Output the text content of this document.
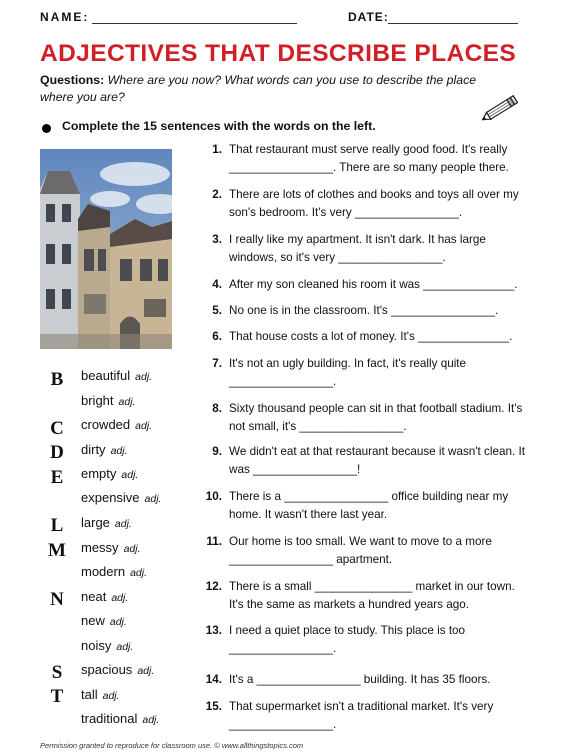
NAME:	DATE:
ADJECTIVES THAT DESCRIBE PLACES
Questions: Where are you now? What words can you use to describe the place where you are?
Complete the 15 sentences with the words on the left.
B
C
D
E
L
M
N
S
T
beautiful adj.
bright adj.
crowded adj.
dirty adj.
empty adj.
expensive adj.
large adj.
messy adj.
modern adj.
neat adj.
new adj.
noisy adj.
spacious adj.
tall adj.
traditional adj.
1. That restaurant must serve really good food. It's really ________________. There are so many people there.
2. There are lots of clothes and books and toys all over my son's bedroom. It's very ________________.
3. I really like my apartment. It isn't dark. It has large windows, so it's very ________________.
4. After my son cleaned his room it was ______________.
5. No one is in the classroom. It's ________________.
6. That house costs a lot of money. It's ______________.
7. It's not an ugly building. In fact, it's really quite ________________.
8. Sixty thousand people can sit in that football stadium. It's not small, it's ________________.
9. We didn't eat at that restaurant because it wasn't clean. It was ________________!
10. There is a ________________ office building near my home. It wasn't there last year.
11. Our home is too small. We want to move to a more ________________ apartment.
12. There is a small _______________ market in our town. It's the same as markets a hundred years ago.
13. I need a quiet place to study. This place is too ________________.
14. It's a ________________ building. It has 35 floors.
15. That supermarket isn't a traditional market. It's very ________________.
Permission granted to reproduce for classroom use. © www.allthingstopics.com
